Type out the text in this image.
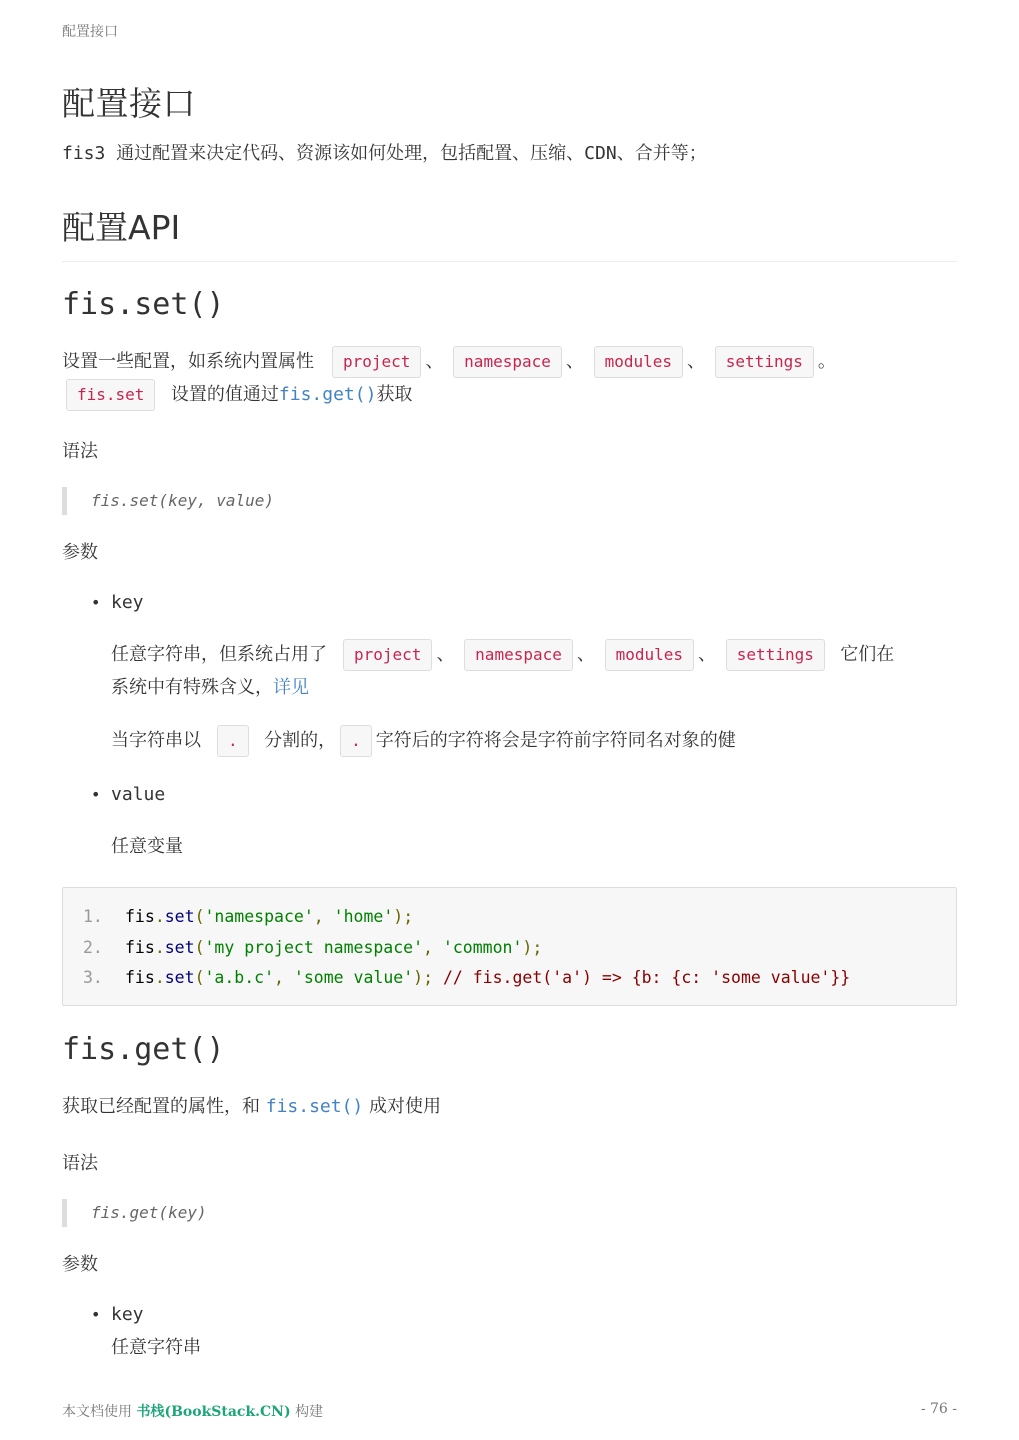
配置接口
配置接口
fis3 通过配置来决定代码、资源该如何处理，包括配置、压缩、CDN、合并等；
配置API
fis.set()
设置一些配置，如系统内置属性 project 、 namespace 、 modules 、 settings 。
fis.set 设置的值通过fis.get()获取
语法
fis.set(key, value)
参数
• key
任意字符串，但系统占用了 project 、 namespace 、 modules 、 settings 它们在
系统中有特殊含义，详见
当字符串以 . 分割的， . 字符后的字符将会是字符前字符同名对象的健
• value
任意变量
1. fis.set('namespace', 'home');
2. fis.set('my project namespace', 'common');
3. fis.set('a.b.c', 'some value'); // fis.get('a') => {b: {c: 'some value'}}
fis.get()
获取已经配置的属性，和 fis.set() 成对使用
语法
fis.get(key)
参数
• key
任意字符串
本文档使用 书栈(BookStack.CN) 构建	- 76 -
